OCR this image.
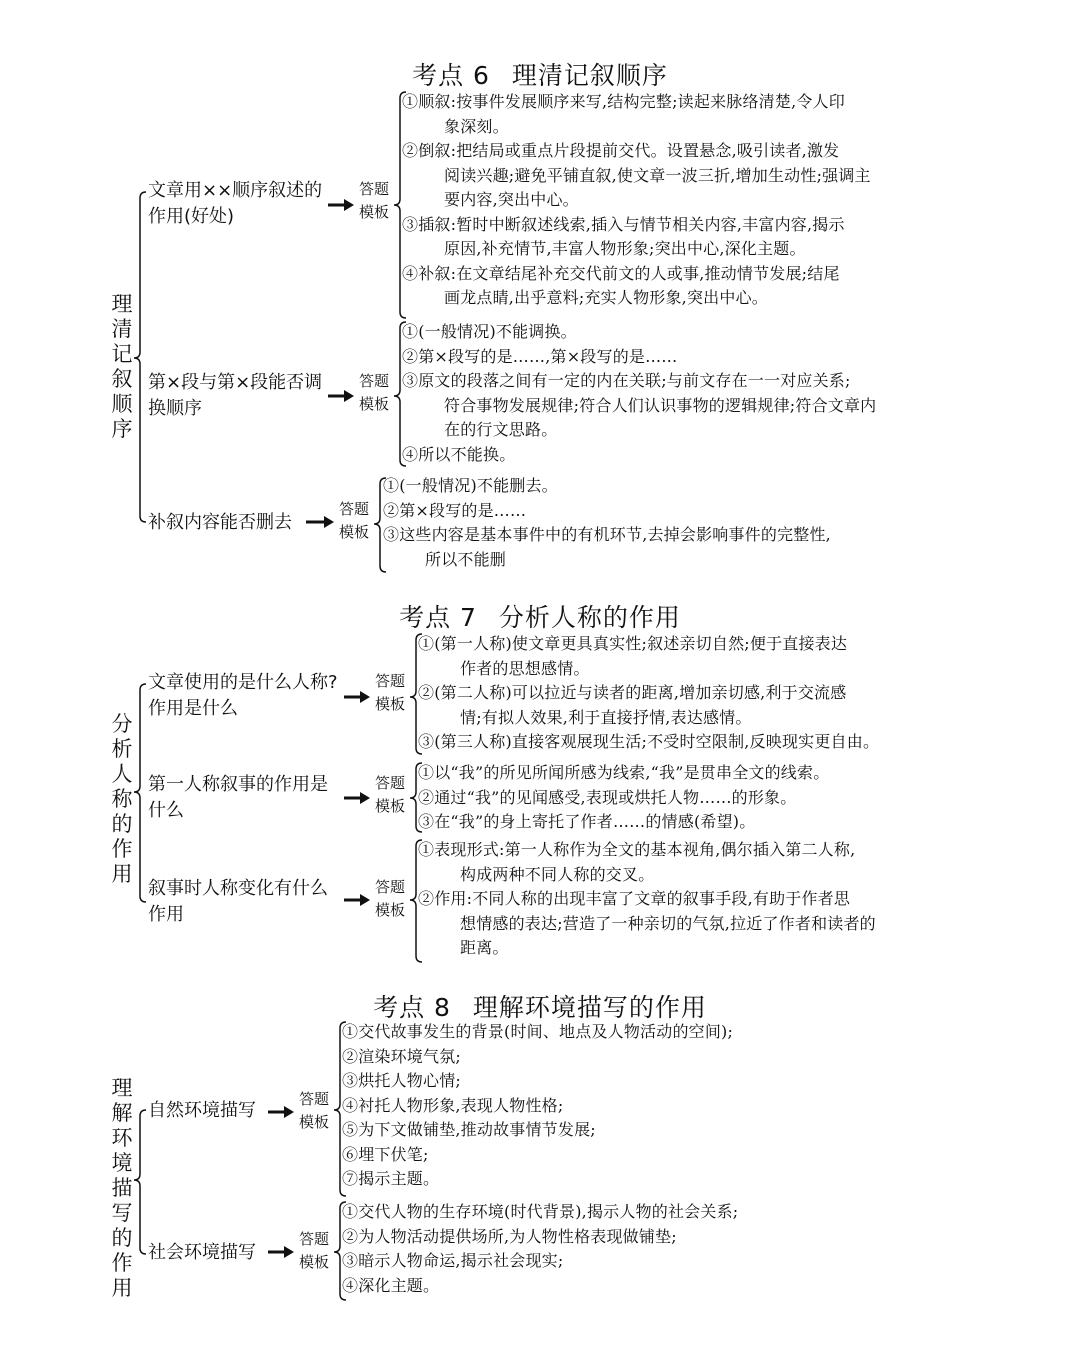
考点 6 理清记叙顺序
理清记叙顺序
文章用××顺序叙述的作用(好处)
答题模板
①顺叙:按事件发展顺序来写,结构完整;读起来脉络清楚,令人印
象深刻。
②倒叙:把结局或重点片段提前交代。设置悬念,吸引读者,激发
阅读兴趣;避免平铺直叙,使文章一波三折,增加生动性;强调主
要内容,突出中心。
③插叙:暂时中断叙述线索,插入与情节相关内容,丰富内容,揭示
原因,补充情节,丰富人物形象;突出中心,深化主题。
④补叙:在文章结尾补充交代前文的人或事,推动情节发展;结尾
画龙点睛,出乎意料;充实人物形象,突出中心。
第×段与第×段能否调换顺序
答题模板
①(一般情况)不能调换。
②第×段写的是……,第×段写的是……
③原文的段落之间有一定的内在关联;与前文存在一一对应关系;
符合事物发展规律;符合人们认识事物的逻辑规律;符合文章内
在的行文思路。
④所以不能换。
补叙内容能否删去
答题模板
①(一般情况)不能删去。
②第×段写的是……
③这些内容是基本事件中的有机环节,去掉会影响事件的完整性,
所以不能删
考点 7 分析人称的作用
分析人称的作用
文章使用的是什么人称?作用是什么
答题模板
①(第一人称)使文章更具真实性;叙述亲切自然;便于直接表达
作者的思想感情。
②(第二人称)可以拉近与读者的距离,增加亲切感,利于交流感
情;有拟人效果,利于直接抒情,表达感情。
③(第三人称)直接客观展现生活;不受时空限制,反映现实更自由。
第一人称叙事的作用是什么
答题模板
①以“我”的所见所闻所感为线索,“我”是贯串全文的线索。
②通过“我”的见闻感受,表现或烘托人物……的形象。
③在“我”的身上寄托了作者……的情感(希望)。
叙事时人称变化有什么作用
答题模板
①表现形式:第一人称作为全文的基本视角,偶尔插入第二人称,
构成两种不同人称的交叉。
②作用:不同人称的出现丰富了文章的叙事手段,有助于作者思
想情感的表达;营造了一种亲切的气氛,拉近了作者和读者的
距离。
考点 8 理解环境描写的作用
理解环境描写的作用
自然环境描写
答题模板
①交代故事发生的背景(时间、地点及人物活动的空间);
②渲染环境气氛;
③烘托人物心情;
④衬托人物形象,表现人物性格;
⑤为下文做铺垫,推动故事情节发展;
⑥埋下伏笔;
⑦揭示主题。
社会环境描写
答题模板
①交代人物的生存环境(时代背景),揭示人物的社会关系;
②为人物活动提供场所,为人物性格表现做铺垫;
③暗示人物命运,揭示社会现实;
④深化主题。
